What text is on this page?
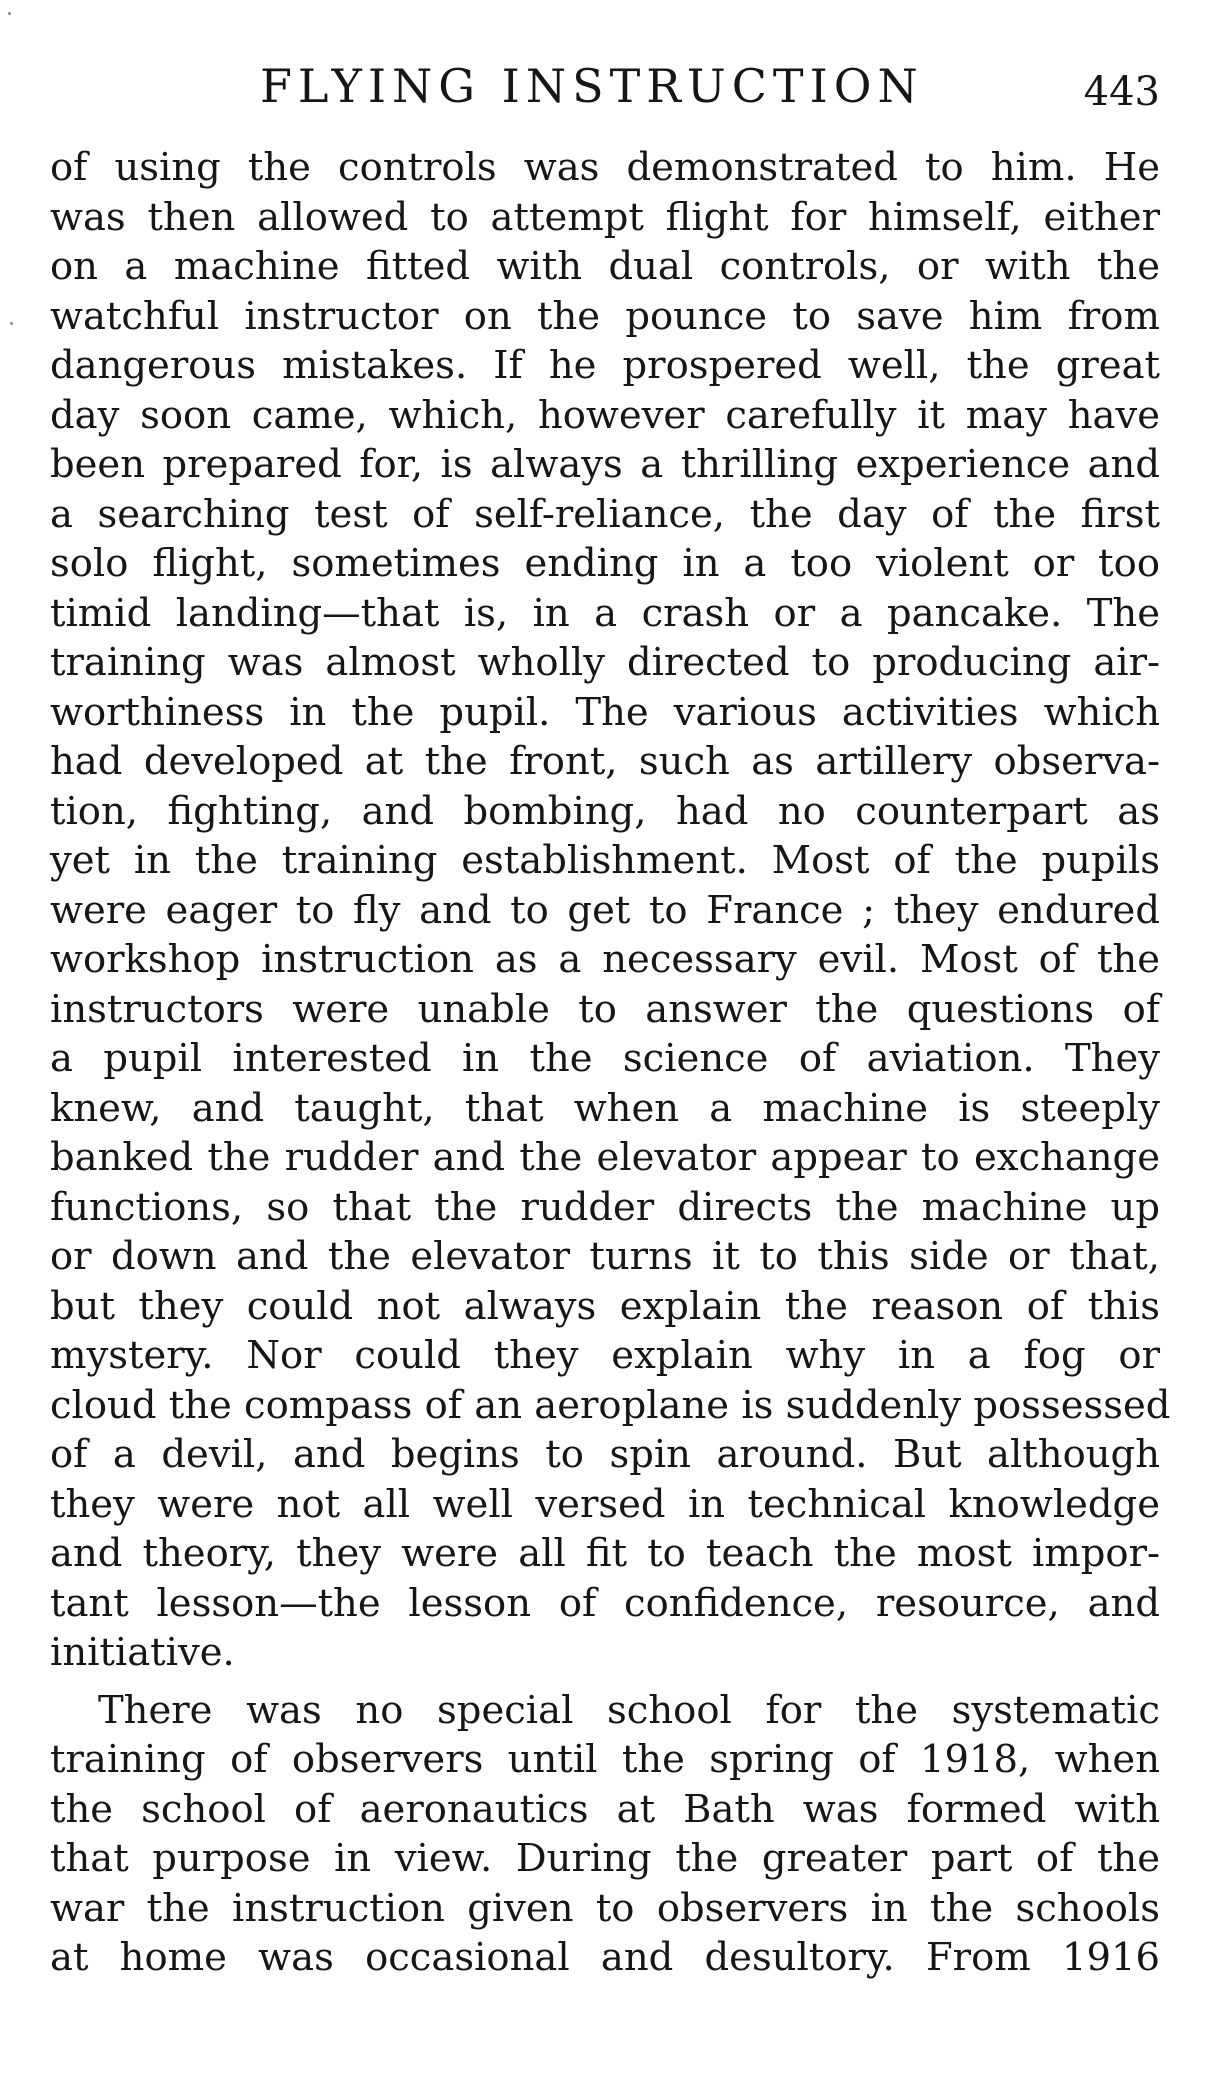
FLYING INSTRUCTION	443
of using the controls was demonstrated to him. He
was then allowed to attempt flight for himself, either
on a machine fitted with dual controls, or with the
watchful instructor on the pounce to save him from
dangerous mistakes. If he prospered well, the great
day soon came, which, however carefully it may have
been prepared for, is always a thrilling experience and
a searching test of self-reliance, the day of the first
solo flight, sometimes ending in a too violent or too
timid landing—that is, in a crash or a pancake. The
training was almost wholly directed to producing air-
worthiness in the pupil. The various activities which
had developed at the front, such as artillery observa-
tion, fighting, and bombing, had no counterpart as
yet in the training establishment. Most of the pupils
were eager to fly and to get to France ; they endured
workshop instruction as a necessary evil. Most of the
instructors were unable to answer the questions of
a pupil interested in the science of aviation. They
knew, and taught, that when a machine is steeply
banked the rudder and the elevator appear to exchange
functions, so that the rudder directs the machine up
or down and the elevator turns it to this side or that,
but they could not always explain the reason of this
mystery. Nor could they explain why in a fog or
cloud the compass of an aeroplane is suddenly possessed
of a devil, and begins to spin around. But although
they were not all well versed in technical knowledge
and theory, they were all fit to teach the most impor-
tant lesson—the lesson of confidence, resource, and
initiative.
There was no special school for the systematic
training of observers until the spring of 1918, when
the school of aeronautics at Bath was formed with
that purpose in view. During the greater part of the
war the instruction given to observers in the schools
at home was occasional and desultory. From 1916
